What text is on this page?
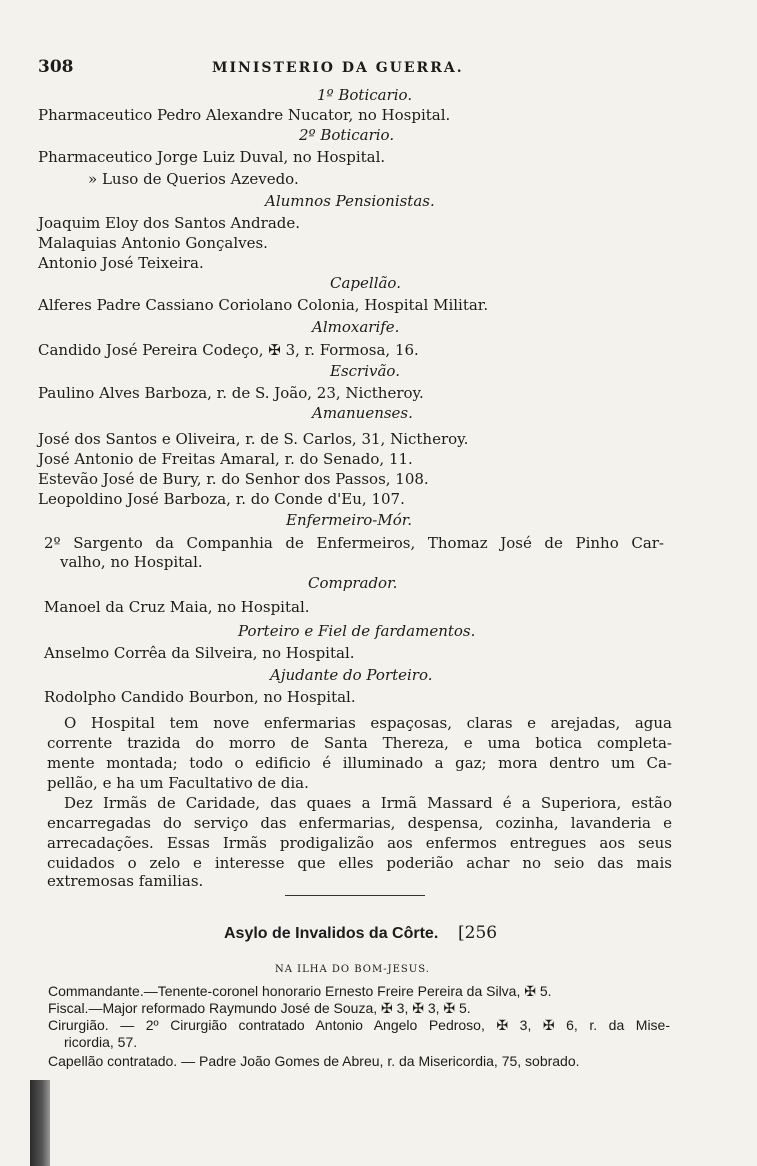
308	MINISTERIO DA GUERRA.
1º Boticario.
Pharmaceutico Pedro Alexandre Nucator, no Hospital.
2º Boticario.
Pharmaceutico Jorge Luiz Duval, no Hospital.
» Luso de Querios Azevedo.
Alumnos Pensionistas.
Joaquim Eloy dos Santos Andrade.
Malaquias Antonio Gonçalves.
Antonio José Teixeira.
Capellão.
Alferes Padre Cassiano Coriolano Colonia, Hospital Militar.
Almoxarife.
Candido José Pereira Codeço, ✠ 3, r. Formosa, 16.
Escrivão.
Paulino Alves Barboza, r. de S. João, 23, Nictheroy.
Amanuenses.
José dos Santos e Oliveira, r. de S. Carlos, 31, Nictheroy.
José Antonio de Freitas Amaral, r. do Senado, 11.
Estevão José de Bury, r. do Senhor dos Passos, 108.
Leopoldino José Barboza, r. do Conde d'Eu, 107.
Enfermeiro-Mór.
2º Sargento da Companhia de Enfermeiros, Thomaz José de Pinho Car-
valho, no Hospital.
Comprador.
Manoel da Cruz Maia, no Hospital.
Porteiro e Fiel de fardamentos.
Anselmo Corrêa da Silveira, no Hospital.
Ajudante do Porteiro.
Rodolpho Candido Bourbon, no Hospital.
O Hospital tem nove enfermarias espaçosas, claras e arejadas, agua
corrente trazida do morro de Santa Thereza, e uma botica completa-
mente montada; todo o edificio é illuminado a gaz; mora dentro um Ca-
pellão, e ha um Facultativo de dia.
Dez Irmãs de Caridade, das quaes a Irmã Massard é a Superiora, estão
encarregadas do serviço das enfermarias, despensa, cozinha, lavanderia e
arrecadações. Essas Irmãs prodigalizão aos enfermos entregues aos seus
cuidados o zelo e interesse que elles poderião achar no seio das mais
extremosas familias.
Asylo de Invalidos da Côrte. [256
NA ILHA DO BOM-JESUS.
Commandante.—Tenente-coronel honorario Ernesto Freire Pereira da Silva, ✠ 5.
Fiscal.—Major reformado Raymundo José de Souza, ✠ 3, ✠ 3, ✠ 5.
Cirurgião. — 2º Cirurgião contratado Antonio Angelo Pedroso, ✠ 3, ✠ 6, r. da Mise-
ricordia, 57.
Capellão contratado. — Padre João Gomes de Abreu, r. da Misericordia, 75, sobrado.
